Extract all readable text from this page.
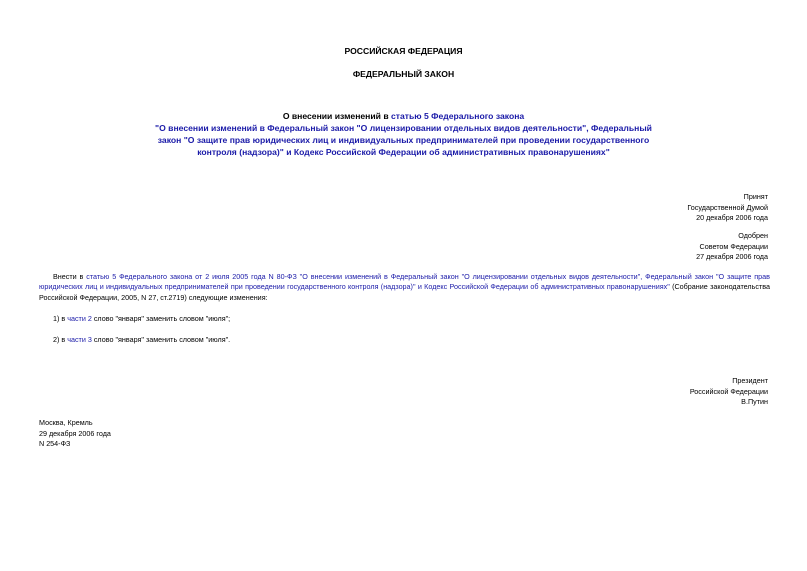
РОССИЙСКАЯ ФЕДЕРАЦИЯ
ФЕДЕРАЛЬНЫЙ ЗАКОН
О внесении изменений в статью 5 Федерального закона
"О внесении изменений в Федеральный закон "О лицензировании отдельных видов деятельности", Федеральный закон "О защите прав юридических лиц и индивидуальных предпринимателей при проведении государственного контроля (надзора)" и Кодекс Российской Федерации об административных правонарушениях"
Принят
Государственной Думой
20 декабря 2006 года
Одобрен
Советом Федерации
27 декабря 2006 года
Внести в статью 5 Федерального закона от 2 июля 2005 года N 80-ФЗ "О внесении изменений в Федеральный закон "О лицензировании отдельных видов деятельности", Федеральный закон "О защите прав юридических лиц и индивидуальных предпринимателей при проведении государственного контроля (надзора)" и Кодекс Российской Федерации об административных правонарушениях" (Собрание законодательства Российской Федерации, 2005, N 27, ст.2719) следующие изменения:
1) в части 2 слово "января" заменить словом "июля";
2) в части 3 слово "января" заменить словом "июля".
Президент
Российской Федерации
В.Путин
Москва, Кремль
29 декабря 2006 года
N 254-ФЗ
